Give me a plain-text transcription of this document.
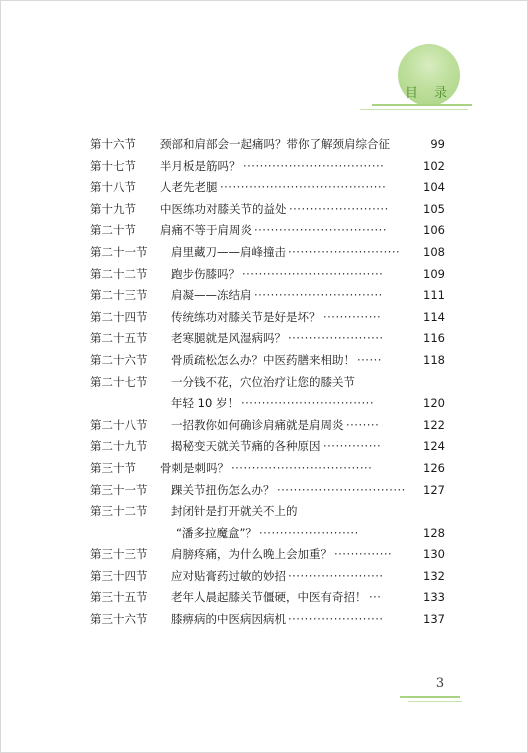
目 录
第十六节 颈部和肩部会一起痛吗？带你了解颈肩综合征	99
第十七节 半月板是筋吗？ ··································	102
第十八节 人老先老腿 ········································	104
第十九节 中医练功对膝关节的益处 ························	105
第二十节 肩痛不等于肩周炎 ································	106
第二十一节 肩里藏刀——肩峰撞击 ···························	108
第二十二节 跑步伤膝吗？ ··································	109
第二十三节 肩凝——冻结肩 ·······························	111
第二十四节 传统练功对膝关节是好是坏？ ··············	114
第二十五节 老寒腿就是风湿病吗？ ·······················	116
第二十六节 骨质疏松怎么办？中医药膳来相助！ ······	118
第二十七节 一分钱不花，穴位治疗让您的膝关节
年轻 10 岁！ ································	120
第二十八节 一招教你如何确诊肩痛就是肩周炎 ········	122
第二十九节 揭秘变天就关节痛的各种原因 ··············	124
第三十节 骨刺是刺吗？ ··································	126
第三十一节 踝关节扭伤怎么办？ ·······························	127
第三十二节 封闭针是打开就关不上的
“潘多拉魔盒”？ ························	128
第三十三节 肩膀疼痛，为什么晚上会加重？ ··············	130
第三十四节 应对贴膏药过敏的妙招 ·······················	132
第三十五节 老年人晨起膝关节僵硬，中医有奇招！ ···	133
第三十六节 膝痹病的中医病因病机 ·······················	137
3
